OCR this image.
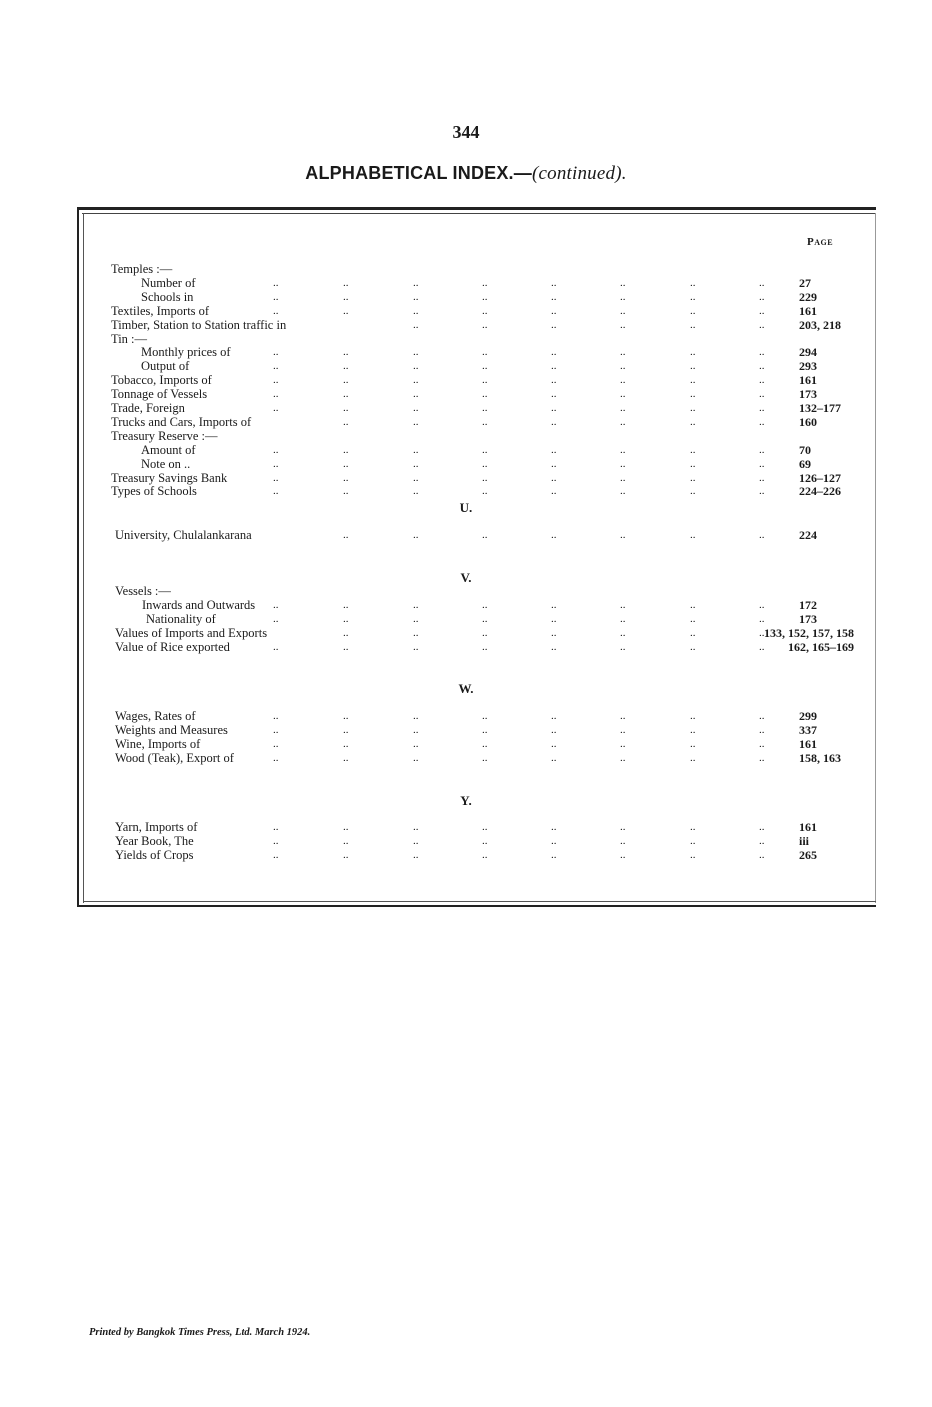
344
ALPHABETICAL INDEX.—(continued).
Page
Temples :—
Number of	..	..	..	..	..	..	..	..	27
Schools in	..	..	..	..	..	..	..	..	229
Textiles, Imports of	..	..	..	..	..	..	..	..	161
Timber, Station to Station traffic in	..	..	..	..	..	..	203, 218
Tin :—
Monthly prices of	..	..	..	..	..	..	..	..	294
Output of	..	..	..	..	..	..	..	..	293
Tobacco, Imports of	..	..	..	..	..	..	..	..	161
Tonnage of Vessels	..	..	..	..	..	..	..	..	173
Trade, Foreign	..	..	..	..	..	..	..	..	132–177
Trucks and Cars, Imports of	..	..	..	..	..	..	..	160
Treasury Reserve :—
Amount of	..	..	..	..	..	..	..	..	70
Note on ..	..	..	..	..	..	..	..	..	69
Treasury Savings Bank	..	..	..	..	..	..	..	..	126–127
Types of Schools	..	..	..	..	..	..	..	..	224–226
U.
University, Chulalankarana	..	..	..	..	..	..	..	224
V.
Vessels :—
Inwards and Outwards ..	..	..	..	..	..	..	..	172
Nationality of	..	..	..	..	..	..	..	..	173
Values of Imports and Exports	..	..	..	..	..	..	.. 133, 152, 157, 158
Value of Rice exported	..	..	..	..	..	..	..	.. 162, 165–169
W.
Wages, Rates of	..	..	..	..	..	..	..	..	299
Weights and Measures	..	..	..	..	..	..	..	..	337
Wine, Imports of	..	..	..	..	..	..	..	..	161
Wood (Teak), Export of	..	..	..	..	..	..	..	..	158, 163
Y.
Yarn, Imports of	..	..	..	..	..	..	..	..	161
Year Book, The	..	..	..	..	..	..	..	..	iii
Yields of Crops	..	..	..	..	..	..	..	..	265
Printed by Bangkok Times Press, Ltd. March 1924.
